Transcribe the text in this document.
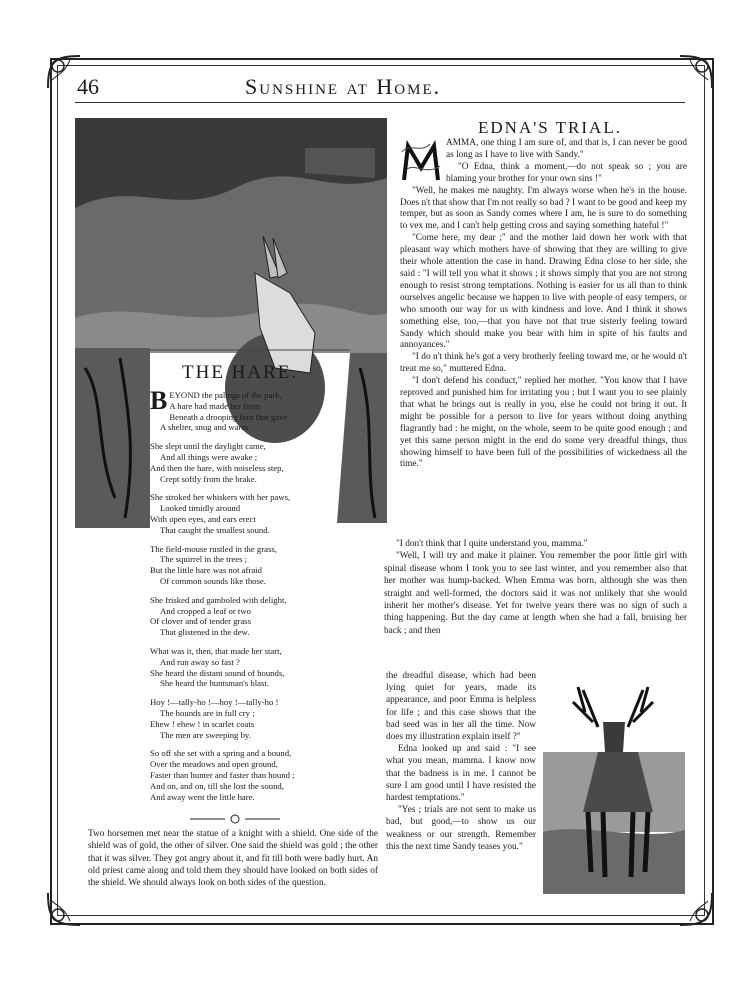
46	Sunshine at Home.
THE HARE.
BEYOND the palings of the park,
A hare had made her form
Beneath a drooping fern that gave
A shelter, snug and warm.
She slept until the daylight came,
And all things were awake ;
And then the hare, with noiseless step,
Crept softly from the brake.
She stroked her whiskers with her paws,
Looked timidly around
With open eyes, and ears erect
That caught the smallest sound.
The field-mouse rustled in the grass,
The squirrel in the trees ;
But the little hare was not afraid
Of common sounds like those.
She frisked and gamboled with delight,
And cropped a leaf or two
Of clover and of tender grass
That glistened in the dew.
What was it, then, that made her start,
And run away so fast ?
She heard the distant sound of hounds,
She heard the huntsman's blast.
Hoy !—tally-ho !—hoy !—tally-ho !
The hounds are in full cry ;
Ehew ! ehew ! in scarlet coats
The men are sweeping by.
So off she set with a spring and a bound,
Over the meadows and open ground,
Faster than hunter and faster than hound ;
And on, and on, till she lost the sound,
And away went the little hare.
Two horsemen met near the statue of a knight with a shield. One side of the shield was of gold, the other of silver. One said the shield was gold ; the other that it was silver. They got angry about it, and fit till both were badly hurt. An old priest came along and told them they should have looked on both sides of the shield. We should always look on both sides of the question.
EDNA'S TRIAL.

AMMA, one thing I am sure of, and that is, I can never be good as long as I have to live with Sandy."

"O Edna, think a moment,—do not speak so ; you are blaming your brother for your own sins !"

"Well, he makes me naughty. I'm always worse when he's in the house. Does n't that show that I'm not really so bad ? I want to be good and keep my temper, but as soon as Sandy comes where I am, he is sure to do something to vex me, and I can't help getting cross and saying something hateful !"

"Come here, my dear ;" and the mother laid down her work with that pleasant way which mothers have of showing that they are willing to give their whole attention the case in hand. Drawing Edna close to her side, she said : "I will tell you what it shows ; it shows simply that you are not strong enough to resist strong temptations. Nothing is easier for us all than to think ourselves angelic because we happen to live with people of easy tempers, or who smooth our way for us with kindness and love. And I think it shows something else, too,—that you have not that true sisterly feeling toward Sandy which should make you bear with him in spite of his faults and annoyances."

"I do n't think he's got a very brotherly feeling toward me, or he would n't treat me so," muttered Edna.

"I don't defend his conduct," replied her mother. "You know that I have reproved and punished him for irritating you ; but I want you to see plainly that what he brings out is really in you, else he could not bring it out. It might be possible for a person to live for years without doing anything flagrantly bad : he might, on the whole, seem to be quite good enough ; and yet this same person might in the end do some very dreadful things, thus showing himself to have been full of the possibilities of wickedness all the time."

"I don't think that I quite understand you, mamma."

"Well, I will try and make it plainer. You remember the poor little girl with spinal disease whom I took you to see last winter, and you remember also that her mother was hump-backed. When Emma was born, although she was then straight and well-formed, the doctors said it was not unlikely that she would inherit her mother's disease. Yet for twelve years there was no sign of such a thing happening. But the day came at length when she had a fall, bruising her back ; and then

the dreadful disease, which had been lying quiet for years, made its appearance, and poor Emma is helpless for life ; and this case shows that the bad seed was in her all the time. Now does my illustration explain itself ?"

Edna looked up and said : "I see what you mean, mamma. I know now that the badness is in me. I cannot be sure I am good until I have resisted the hardest temptations."

"Yes ; trials are not sent to make us bad, but good,—to show us our weakness or our strength. Remember this the next time Sandy teases you."
